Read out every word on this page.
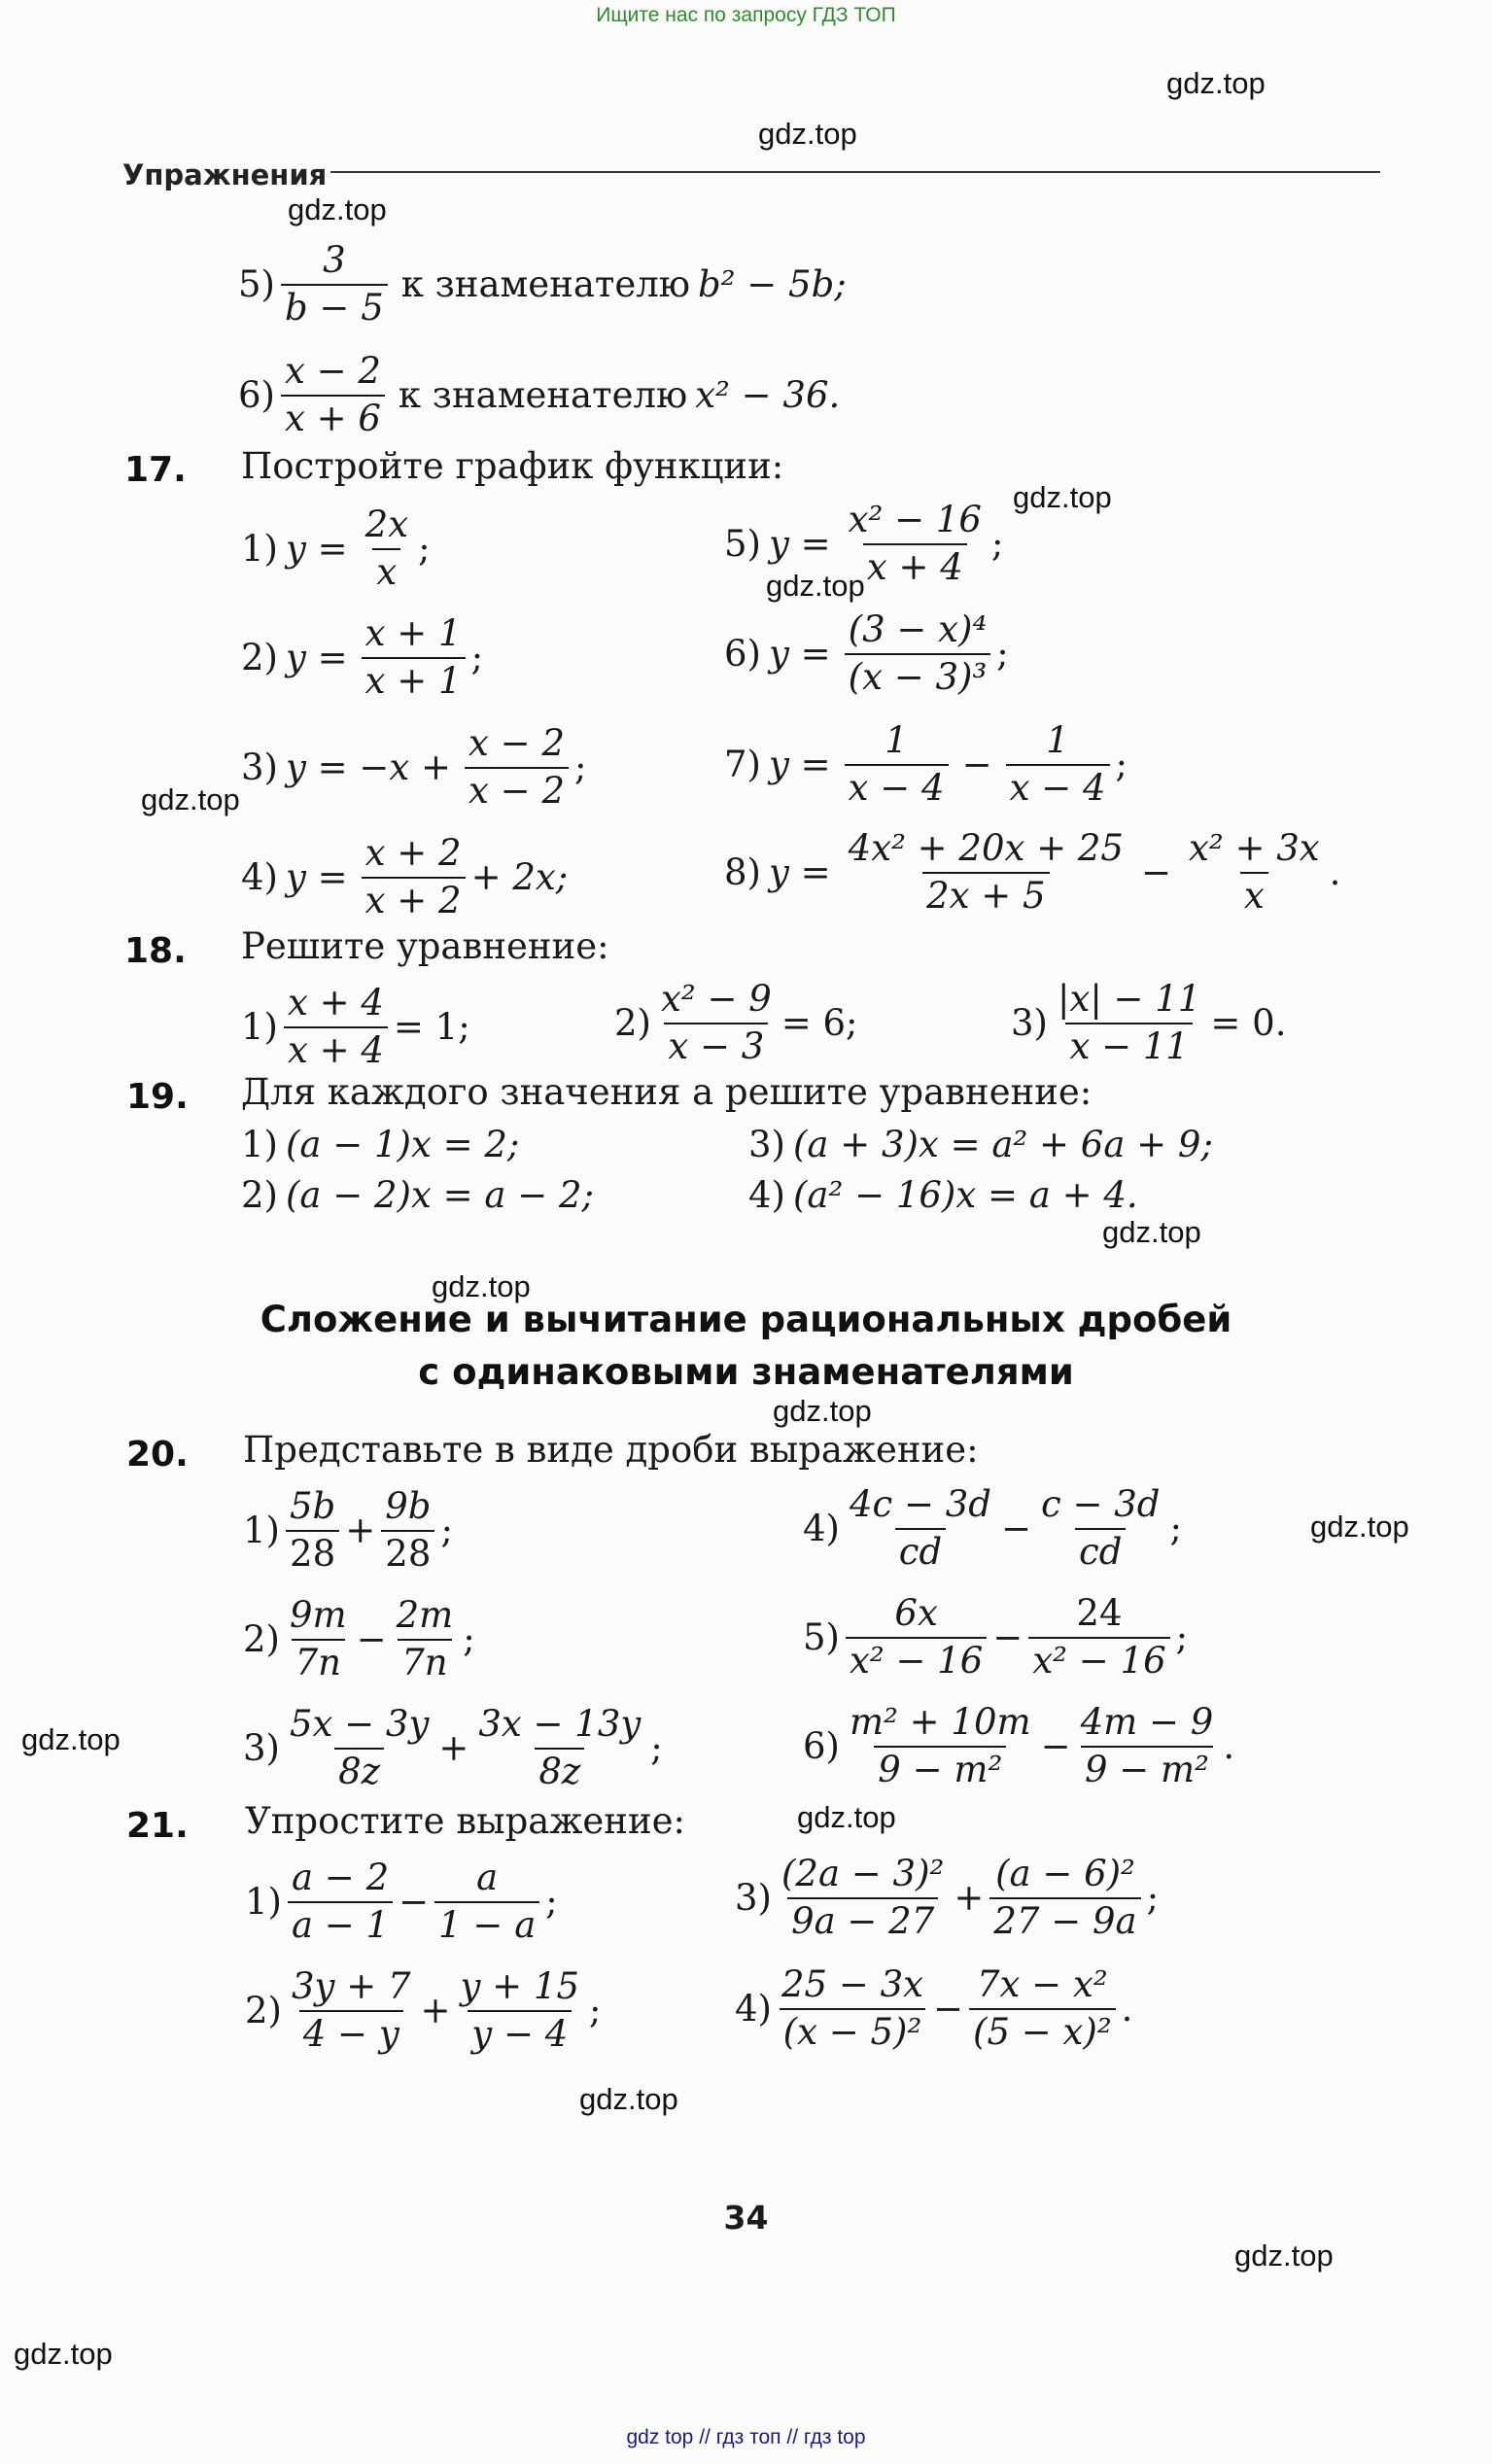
Ищите нас по запросу ГДЗ ТОП
gdz.top
gdz.top
gdz.top
gdz.top
gdz.top
gdz.top
gdz.top
gdz.top
gdz.top
gdz.top
gdz.top
gdz.top
gdz.top
gdz.top
gdz.top
Упражнения
5)
3
b − 5
к знаменателю b² − 5b;
6)
x − 2
x + 6
к знаменателю x² − 36.
17. Постройте график функции:
1) $y = \frac{2x}{x}$ ;
2) $y = \frac{x + 1}{x + 1}$ ;
3) $y = -x + \frac{x - 2}{x - 2}$ ;
4) $y = \frac{x + 2}{x + 2} + 2x$;
5) $y = \frac{\text{x² − 16}}{x + 4}$ ;
6) $y = \frac{\text{(3 − x)⁴}}{\text{(x − 3)³}}$ ;
7) $y = \frac{1}{x - 4} - \frac{1}{x - 4}$ ;
8) $y = \frac{\text{4x² + 20x + 25}}{2x + 5} - \frac{\text{x² + 3x}}{x}$ .
18. Решите уравнение:
$1) \frac{x + 4}{x + 4} = 1$;	$2) \frac{\text{x² − 9}}{x - 3} = 6$;	$3) \frac{|x| - 11}{x - 11} = 0$.
19. Для каждого значения a решите уравнение:
1) (a − 1)x = 2;
2) (a − 2)x = a − 2;
3) (a + 3)x = a² + 6a + 9;
4) (a² − 16)x = a + 4.
Сложение и вычитание рациональных дробей
с одинаковыми знаменателями
20. Представьте в виде дроби выражение:
1)
5b
28
+ $\frac{9b}{28}$ ;
2)
9m
7n
− $\frac{2m}{7n}$ ;
3)
5x − 3y
8z
+ $\frac{3x - 13y}{8z}$ ;
4)
4c − 3d
cd
− $\frac{c - 3d}{cd}$ ;
5)
6x
x² − 16
− $\frac{24}{\text{x² − 16}}$ ;
6)
m² + 10m
9 − m²
− $\frac{4m - 9}{\text{9 − m²}}$ .
21. Упростите выражение:
1)
a − 2
a − 1
− $\frac{a}{1 - a}$ ;
2)
3y + 7
4 − y
+ $\frac{y + 15}{y - 4}$ ;
3)
(2a − 3)²
9a − 27
+ $\frac{\text{(a − 6)²}}{27 - 9a}$ ;
4)
25 − 3x
(x − 5)²
− $\frac{\text{7x − x²}}{\text{(5 − x)²}}$ .
34
gdz top // гдз топ // гдз top
